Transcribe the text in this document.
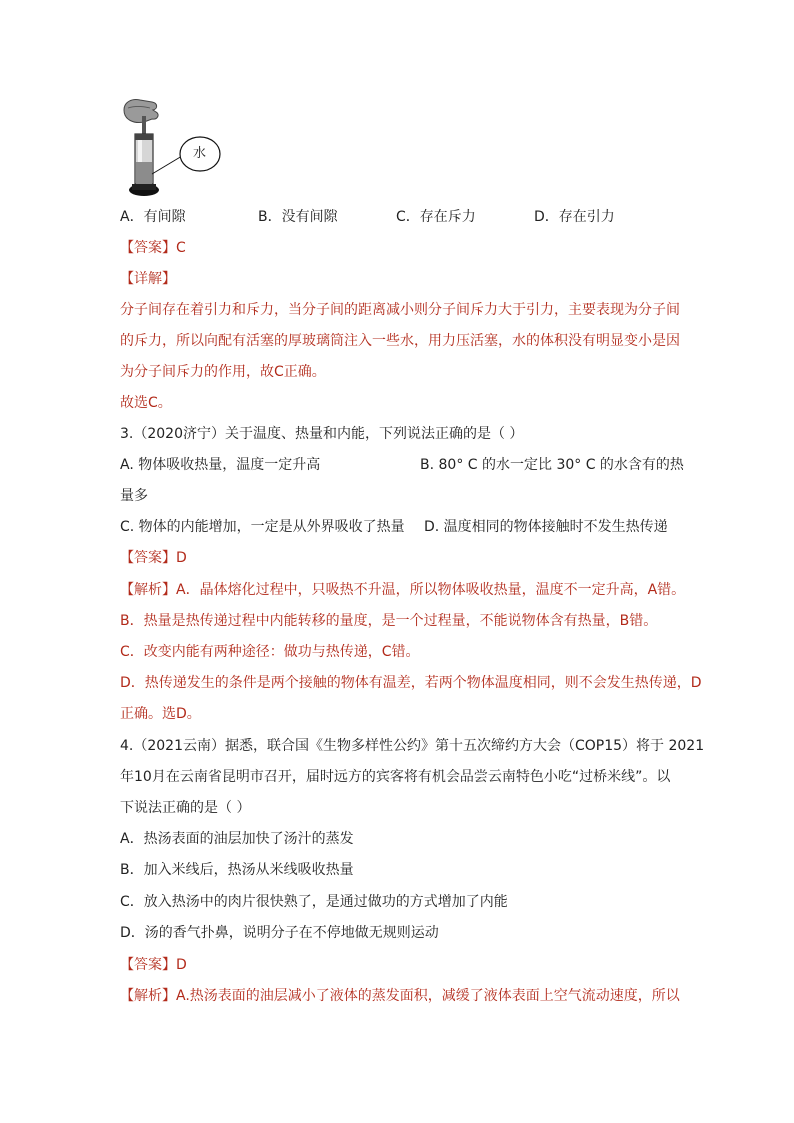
水
A．有间隙	B．没有间隙	C．存在斥力	D．存在引力
【答案】C
【详解】
分子间存在着引力和斥力，当分子间的距离减小则分子间斥力大于引力，主要表现为分子间
的斥力，所以向配有活塞的厚玻璃筒注入一些水，用力压活塞，水的体积没有明显变小是因
为分子间斥力的作用，故C正确。
故选C。
3.（2020济宁）关于温度、热量和内能，下列说法正确的是（ ）
A. 物体吸收热量，温度一定升高	B. 80° C 的水一定比 30° C 的水含有的热
量多
C. 物体的内能增加，一定是从外界吸收了热量 D. 温度相同的物体接触时不发生热传递
【答案】D
【解析】A．晶体熔化过程中，只吸热不升温，所以物体吸收热量，温度不一定升高，A错。
B．热量是热传递过程中内能转移的量度，是一个过程量，不能说物体含有热量，B错。
C．改变内能有两种途径：做功与热传递，C错。
D．热传递发生的条件是两个接触的物体有温差，若两个物体温度相同，则不会发生热传递，D
正确。选D。
4.（2021云南）据悉，联合国《生物多样性公约》第十五次缔约方大会（COP15）将于 2021
年10月在云南省昆明市召开，届时远方的宾客将有机会品尝云南特色小吃“过桥米线”。以
下说法正确的是（ ）
A．热汤表面的油层加快了汤汁的蒸发
B．加入米线后，热汤从米线吸收热量
C．放入热汤中的肉片很快熟了，是通过做功的方式增加了内能
D．汤的香气扑鼻，说明分子在不停地做无规则运动
【答案】D
【解析】A.热汤表面的油层减小了液体的蒸发面积，减缓了液体表面上空气流动速度，所以
